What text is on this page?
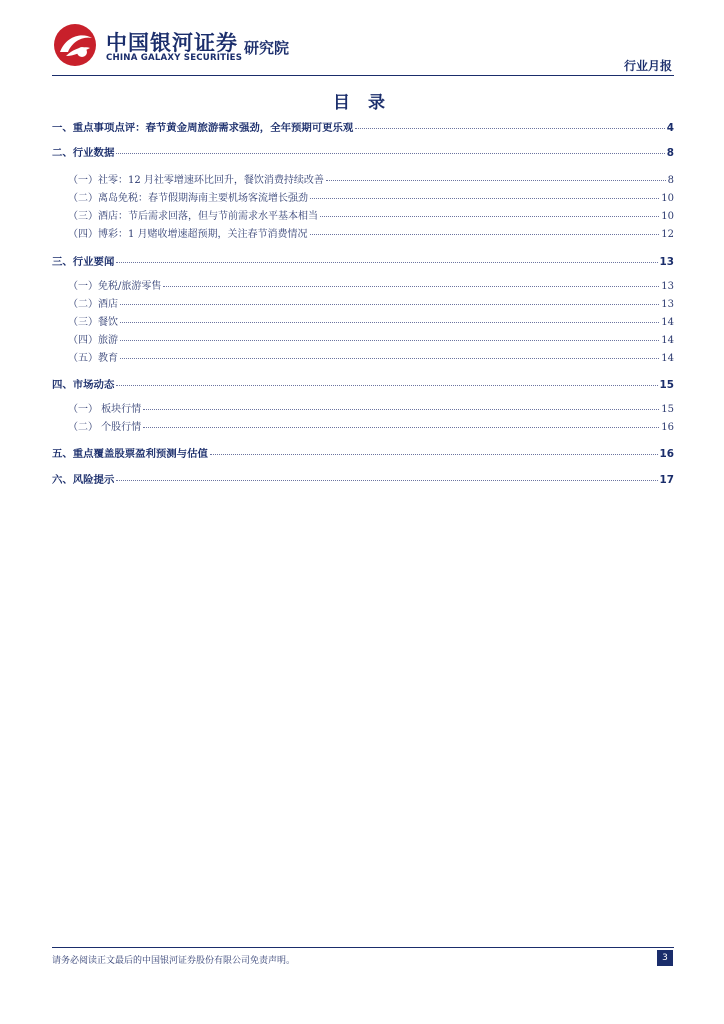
中国银河证券
CHINA GALAXY SECURITIES
研究院
行业月报
目 录
一、重点事项点评：春节黄金周旅游需求强劲，全年预期可更乐观	4
二、行业数据	8
（一）社零：12 月社零增速环比回升，餐饮消费持续改善	8
（二）离岛免税：春节假期海南主要机场客流增长强劲	10
（三）酒店：节后需求回落，但与节前需求水平基本相当	10
（四）博彩：1 月赌收增速超预期，关注春节消费情况	12
三、行业要闻	13
（一）免税/旅游零售	13
（二）酒店	13
（三）餐饮	14
（四）旅游	14
（五）教育	14
四、市场动态	15
（一） 板块行情	15
（二） 个股行情	16
五、重点覆盖股票盈利预测与估值	16
六、风险提示	17
请务必阅读正文最后的中国银河证券股份有限公司免责声明。	3
